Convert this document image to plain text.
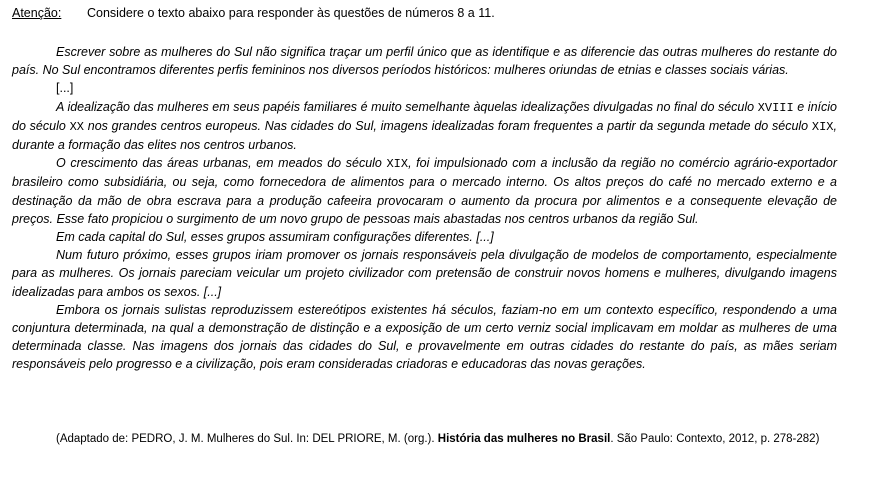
Atenção: Considere o texto abaixo para responder às questões de números 8 a 11.

Escrever sobre as mulheres do Sul não significa traçar um perfil único que as identifique e as diferencie das outras mulheres do restante do país. No Sul encontramos diferentes perfis femininos nos diversos períodos históricos: mulheres oriundas de etnias e classes sociais várias.

[...]

A idealização das mulheres em seus papéis familiares é muito semelhante àquelas idealizações divulgadas no final do século XVIII e início do século XX nos grandes centros europeus. Nas cidades do Sul, imagens idealizadas foram frequentes a partir da segunda metade do século XIX, durante a formação das elites nos centros urbanos.

O crescimento das áreas urbanas, em meados do século XIX, foi impulsionado com a inclusão da região no comércio agrário-exportador brasileiro como subsidiária, ou seja, como fornecedora de alimentos para o mercado interno. Os altos preços do café no mercado externo e a destinação da mão de obra escrava para a produção cafeeira provocaram o aumento da procura por alimentos e a consequente elevação de preços. Esse fato propiciou o surgimento de um novo grupo de pessoas mais abastadas nos centros urbanos da região Sul.

Em cada capital do Sul, esses grupos assumiram configurações diferentes. [...]

Num futuro próximo, esses grupos iriam promover os jornais responsáveis pela divulgação de modelos de comportamento, especialmente para as mulheres. Os jornais pareciam veicular um projeto civilizador com pretensão de construir novos homens e mulheres, divulgando imagens idealizadas para ambos os sexos. [...]

Embora os jornais sulistas reproduzissem estereótipos existentes há séculos, faziam-no em um contexto específico, respondendo a uma conjuntura determinada, na qual a demonstração de distinção e a exposição de um certo verniz social implicavam em moldar as mulheres de uma determinada classe. Nas imagens dos jornais das cidades do Sul, e provavelmente em outras cidades do restante do país, as mães seriam responsáveis pelo progresso e a civilização, pois eram consideradas criadoras e educadoras das novas gerações.

(Adaptado de: PEDRO, J. M. Mulheres do Sul. In: DEL PRIORE, M. (org.). História das mulheres no Brasil. São Paulo: Contexto, 2012, p. 278-282)
